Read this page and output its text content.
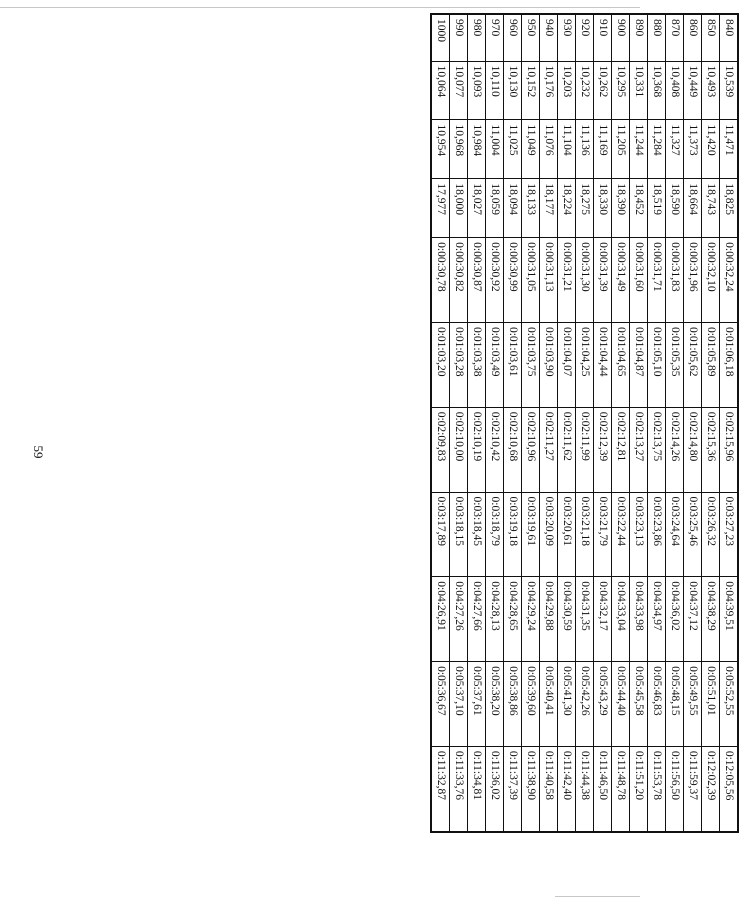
59
840	10,539	11,471	18,825	0:00:32,24	0:01:06,18	0:02:15,96	0:03:27,23	0:04:39,51	0:05:52,55	0:12:05,56
850	10,493	11,420	18,743	0:00:32,10	0:01:05,89	0:02:15,36	0:03:26,32	0:04:38,29	0:05:51,01	0:12:02,39
860	10,449	11,373	18,664	0:00:31,96	0:01:05,62	0:02:14,80	0:03:25,46	0:04:37,12	0:05:49,55	0:11:59,37
870	10,408	11,327	18,590	0:00:31,83	0:01:05,35	0:02:14,26	0:03:24,64	0:04:36,02	0:05:48,15	0:11:56,50
880	10,368	11,284	18,519	0:00:31,71	0:01:05,10	0:02:13,75	0:03:23,86	0:04:34,97	0:05:46,83	0:11:53,78
890	10,331	11,244	18,452	0:00:31,60	0:01:04,87	0:02:13,27	0:03:23,13	0:04:33,98	0:05:45,58	0:11:51,20
900	10,295	11,205	18,390	0:00:31,49	0:01:04,65	0:02:12,81	0:03:22,44	0:04:33,04	0:05:44,40	0:11:48,78
910	10,262	11,169	18,330	0:00:31,39	0:01:04,44	0:02:12,39	0:03:21,79	0:04:32,17	0:05:43,29	0:11:46,50
920	10,232	11,136	18,275	0:00:31,30	0:01:04,25	0:02:11,99	0:03:21,18	0:04:31,35	0:05:42,26	0:11:44,38
930	10,203	11,104	18,224	0:00:31,21	0:01:04,07	0:02:11,62	0:03:20,61	0:04:30,59	0:05:41,30	0:11:42,40
940	10,176	11,076	18,177	0:00:31,13	0:01:03,90	0:02:11,27	0:03:20,09	0:04:29,88	0:05:40,41	0:11:40,58
950	10,152	11,049	18,133	0:00:31,05	0:01:03,75	0:02:10,96	0:03:19,61	0:04:29,24	0:05:39,60	0:11:38,90
960	10,130	11,025	18,094	0:00:30,99	0:01:03,61	0:02:10,68	0:03:19,18	0:04:28,65	0:05:38,86	0:11:37,39
970	10,110	11,004	18,059	0:00:30,92	0:01:03,49	0:02:10,42	0:03:18,79	0:04:28,13	0:05:38,20	0:11:36,02
980	10,093	10,984	18,027	0:00:30,87	0:01:03,38	0:02:10,19	0:03:18,45	0:04:27,66	0:05:37,61	0:11:34,81
990	10,077	10,968	18,000	0:00:30,82	0:01:03,28	0:02:10,00	0:03:18,15	0:04:27,26	0:05:37,10	0:11:33,76
1000	10,064	10,954	17,977	0:00:30,78	0:01:03,20	0:02:09,83	0:03:17,89	0:04:26,91	0:05:36,67	0:11:32,87
